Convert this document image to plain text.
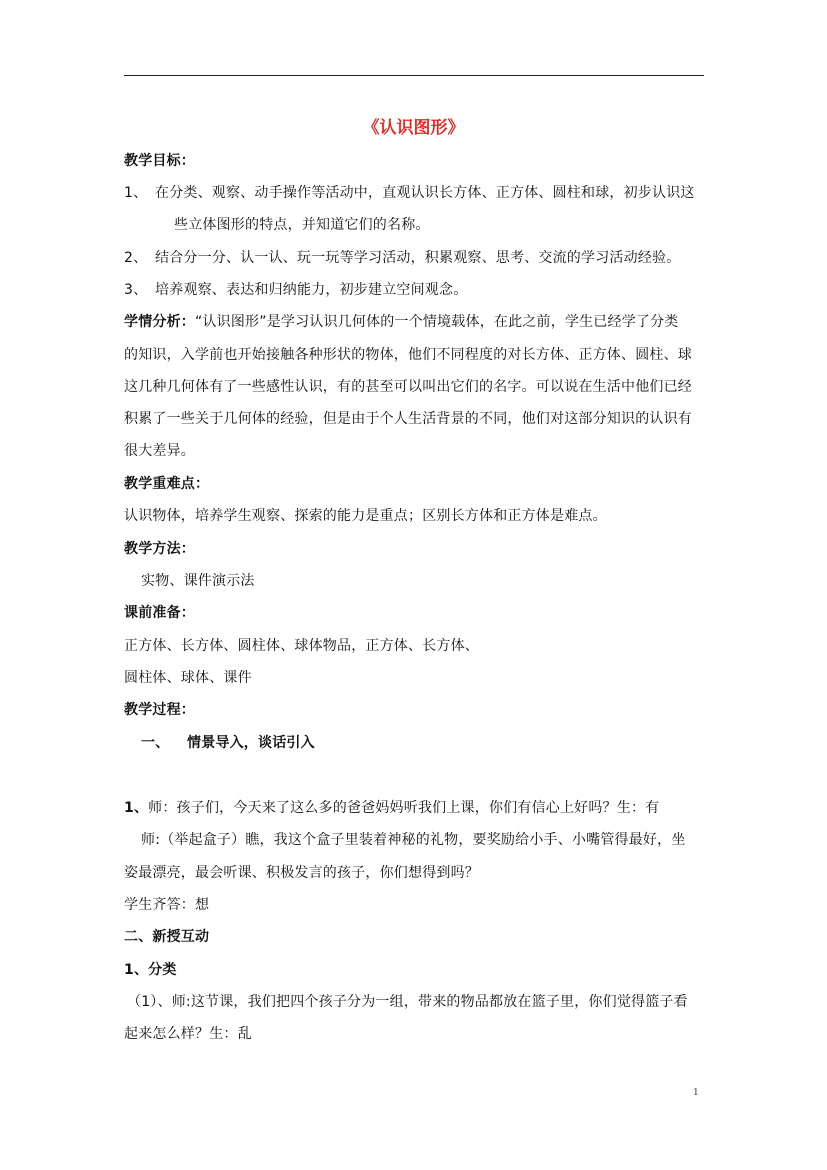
《认识图形》
教学目标：
1、 在分类、观察、动手操作等活动中，直观认识长方体、正方体、圆柱和球，初步认识这
些立体图形的特点，并知道它们的名称。
2、 结合分一分、认一认、玩一玩等学习活动，积累观察、思考、交流的学习活动经验。
3、 培养观察、表达和归纳能力，初步建立空间观念。
学情分析：“认识图形”是学习认识几何体的一个情境载体，在此之前，学生已经学了分类
的知识，入学前也开始接触各种形状的物体，他们不同程度的对长方体、正方体、圆柱、球
这几种几何体有了一些感性认识，有的甚至可以叫出它们的名字。可以说在生活中他们已经
积累了一些关于几何体的经验，但是由于个人生活背景的不同，他们对这部分知识的认识有
很大差异。
教学重难点：
认识物体，培养学生观察、探索的能力是重点；区别长方体和正方体是难点。
教学方法：
实物、课件演示法
课前准备：
正方体、长方体、圆柱体、球体物品，正方体、长方体、
圆柱体、球体、课件
教学过程：
一、 情景导入，谈话引入
1、师：孩子们，今天来了这么多的爸爸妈妈听我们上课，你们有信心上好吗？生：有
师:（举起盒子）瞧，我这个盒子里装着神秘的礼物，要奖励给小手、小嘴管得最好，坐
姿最漂亮，最会听课、积极发言的孩子，你们想得到吗？
学生齐答：想
二、新授互动
1、分类
（1）、师:这节课，我们把四个孩子分为一组，带来的物品都放在篮子里，你们觉得篮子看
起来怎么样？生：乱
1
